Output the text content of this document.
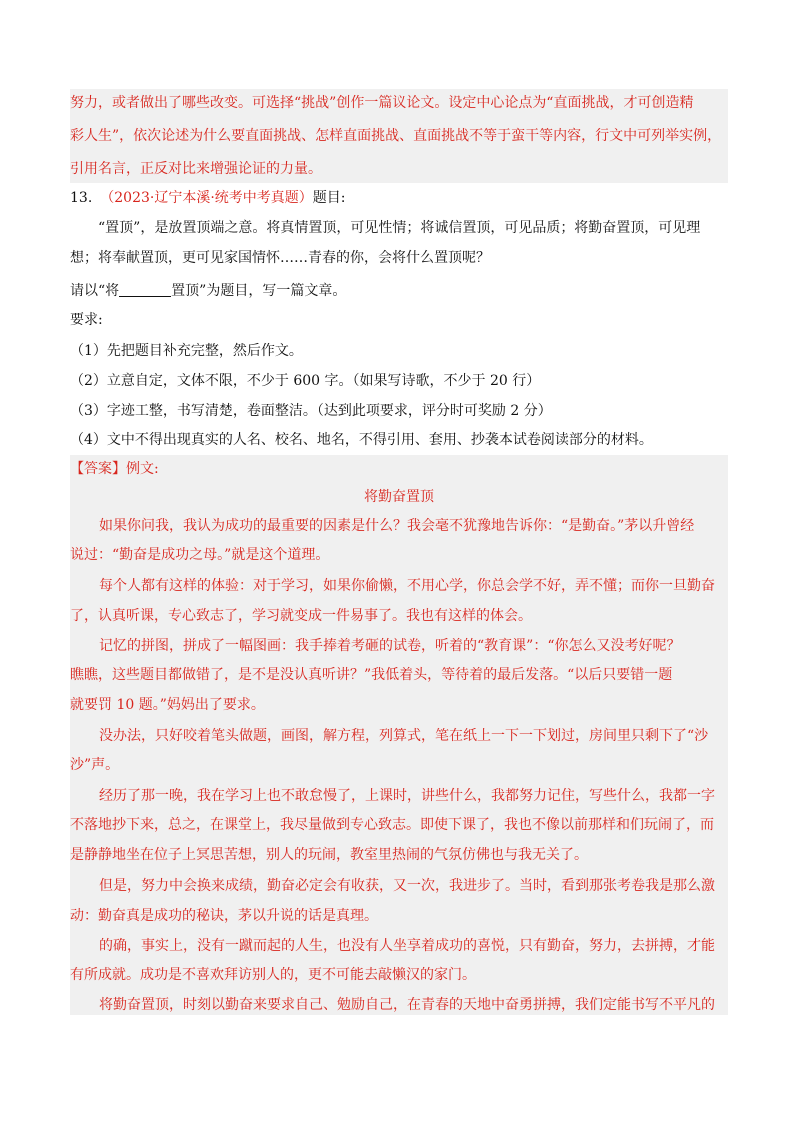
努力，或者做出了哪些改变。可选择“挑战”创作一篇议论文。设定中心论点为“直面挑战，才可创造精
彩人生”，依次论述为什么要直面挑战、怎样直面挑战、直面挑战不等于蛮干等内容，行文中可列举实例，
引用名言，正反对比来增强论证的力量。
13. （2023·辽宁本溪·统考中考真题）题目:
“置顶”，是放置顶端之意。将真情置顶，可见性情；将诚信置顶，可见品质；将勤奋置顶，可见理
想；将奉献置顶，更可见家国情怀……青春的你，会将什么置顶呢？
请以“将	置顶”为题目，写一篇文章。
要求:
（1）先把题目补充完整，然后作文。
（2）立意自定，文体不限，不少于 600 字。（如果写诗歌，不少于 20 行）
（3）字迹工整，书写清楚，卷面整洁。（达到此项要求，评分时可奖励 2 分）
（4）文中不得出现真实的人名、校名、地名，不得引用、套用、抄袭本试卷阅读部分的材料。
【答案】例文:
将勤奋置顶
如果你问我，我认为成功的最重要的因素是什么？我会毫不犹豫地告诉你：“是勤奋。”茅以升曾经
说过：“勤奋是成功之母。”就是这个道理。
每个人都有这样的体验：对于学习，如果你偷懒，不用心学，你总会学不好，弄不懂；而你一旦勤奋
了，认真听课，专心致志了，学习就变成一件易事了。我也有这样的体会。
记忆的拼图，拼成了一幅图画：我手捧着考砸的试卷，听着的“教育课”：“你怎么又没考好呢？
瞧瞧，这些题目都做错了，是不是没认真听讲？”我低着头，等待着的最后发落。“以后只要错一题
就要罚 10 题。”妈妈出了要求。
没办法，只好咬着笔头做题，画图，解方程，列算式，笔在纸上一下一下划过，房间里只剩下了“沙
沙”声。
经历了那一晚，我在学习上也不敢怠慢了，上课时，讲些什么，我都努力记住，写些什么，我都一字
不落地抄下来，总之，在课堂上，我尽量做到专心致志。即使下课了，我也不像以前那样和们玩闹了，而
是静静地坐在位子上冥思苦想，别人的玩闹，教室里热闹的气氛仿佛也与我无关了。
但是，努力中会换来成绩，勤奋必定会有收获，又一次，我进步了。当时，看到那张考卷我是那么激
动：勤奋真是成功的秘诀，茅以升说的话是真理。
的确，事实上，没有一蹴而起的人生，也没有人坐享着成功的喜悦，只有勤奋，努力，去拼搏，才能
有所成就。成功是不喜欢拜访别人的，更不可能去敲懒汉的家门。
将勤奋置顶，时刻以勤奋来要求自己、勉励自己，在青春的天地中奋勇拼搏，我们定能书写不平凡的
